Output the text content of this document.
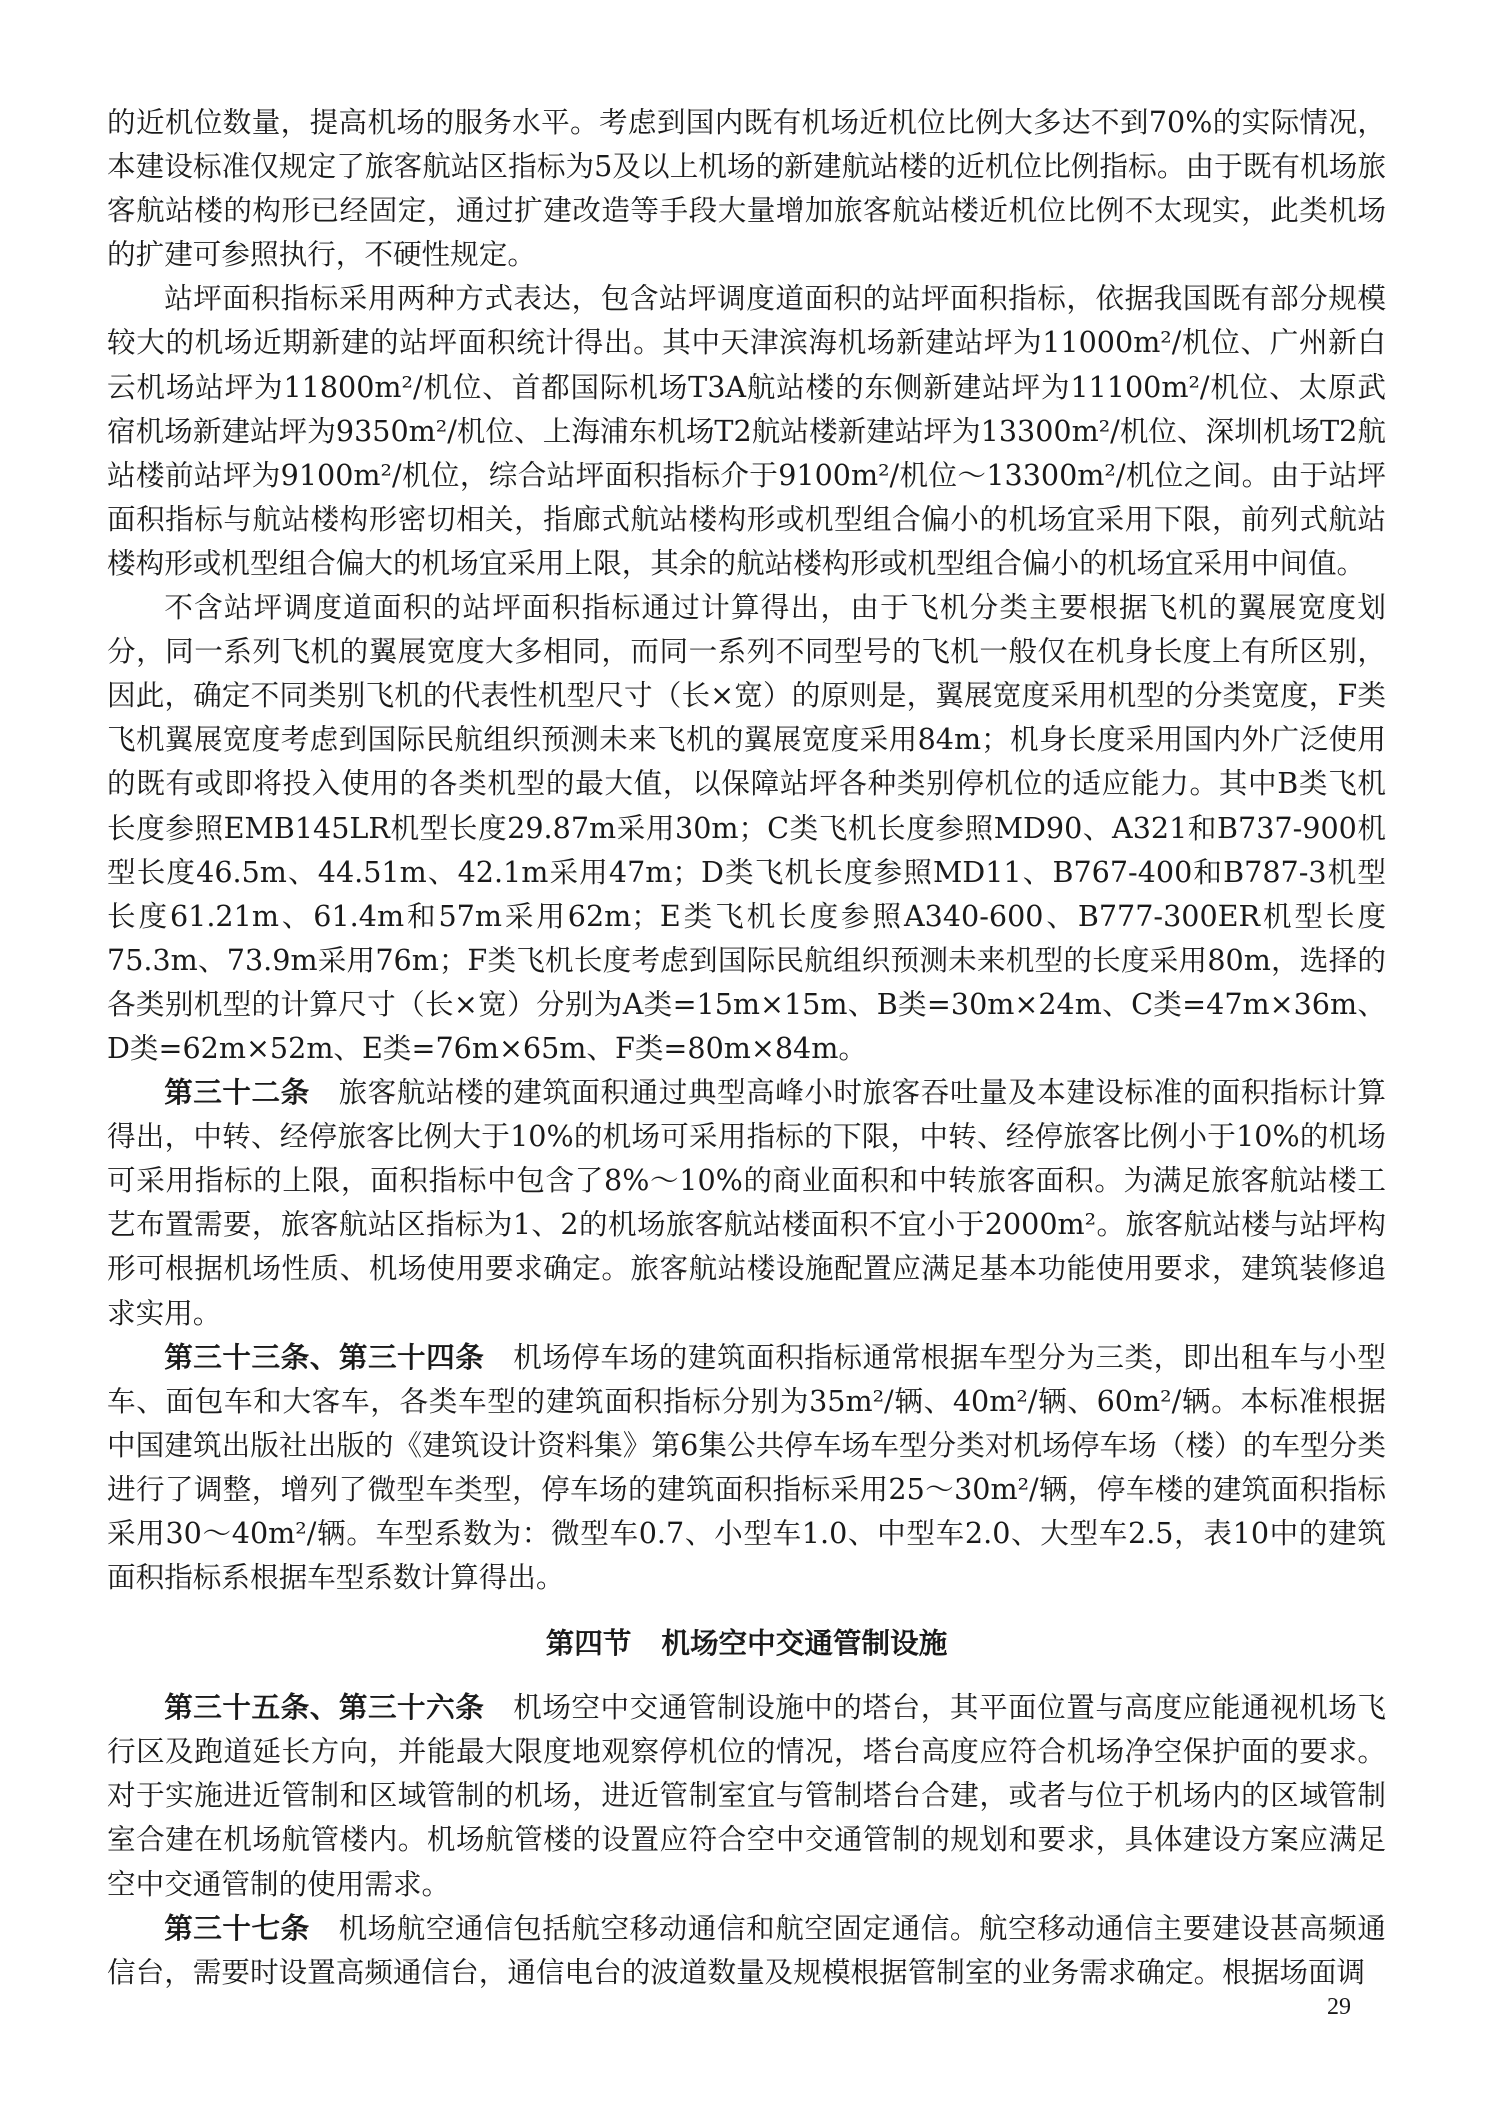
的近机位数量，提高机场的服务水平。考虑到国内既有机场近机位比例大多达不到70%的实际情况，本建设标准仅规定了旅客航站区指标为5及以上机场的新建航站楼的近机位比例指标。由于既有机场旅客航站楼的构形已经固定，通过扩建改造等手段大量增加旅客航站楼近机位比例不太现实，此类机场的扩建可参照执行，不硬性规定。

站坪面积指标采用两种方式表达，包含站坪调度道面积的站坪面积指标，依据我国既有部分规模较大的机场近期新建的站坪面积统计得出。其中天津滨海机场新建站坪为11000m²/机位、广州新白云机场站坪为11800m²/机位、首都国际机场T3A航站楼的东侧新建站坪为11100m²/机位、太原武宿机场新建站坪为9350m²/机位、上海浦东机场T2航站楼新建站坪为13300m²/机位、深圳机场T2航站楼前站坪为9100m²/机位，综合站坪面积指标介于9100m²/机位～13300m²/机位之间。由于站坪面积指标与航站楼构形密切相关，指廊式航站楼构形或机型组合偏小的机场宜采用下限，前列式航站楼构形或机型组合偏大的机场宜采用上限，其余的航站楼构形或机型组合偏小的机场宜采用中间值。

不含站坪调度道面积的站坪面积指标通过计算得出，由于飞机分类主要根据飞机的翼展宽度划分，同一系列飞机的翼展宽度大多相同，而同一系列不同型号的飞机一般仅在机身长度上有所区别，因此，确定不同类别飞机的代表性机型尺寸（长×宽）的原则是，翼展宽度采用机型的分类宽度，F类飞机翼展宽度考虑到国际民航组织预测未来飞机的翼展宽度采用84m；机身长度采用国内外广泛使用的既有或即将投入使用的各类机型的最大值，以保障站坪各种类别停机位的适应能力。其中B类飞机长度参照EMB145LR机型长度29.87m采用30m；C类飞机长度参照MD90、A321和B737-900机型长度46.5m、44.51m、42.1m采用47m；D类飞机长度参照MD11、B767-400和B787-3机型长度61.21m、61.4m和57m采用62m；E类飞机长度参照A340-600、B777-300ER机型长度75.3m、73.9m采用76m；F类飞机长度考虑到国际民航组织预测未来机型的长度采用80m，选择的各类别机型的计算尺寸（长×宽）分别为A类=15m×15m、B类=30m×24m、C类=47m×36m、D类=62m×52m、E类=76m×65m、F类=80m×84m。

第三十二条 旅客航站楼的建筑面积通过典型高峰小时旅客吞吐量及本建设标准的面积指标计算得出，中转、经停旅客比例大于10%的机场可采用指标的下限，中转、经停旅客比例小于10%的机场可采用指标的上限，面积指标中包含了8%～10%的商业面积和中转旅客面积。为满足旅客航站楼工艺布置需要，旅客航站区指标为1、2的机场旅客航站楼面积不宜小于2000m²。旅客航站楼与站坪构形可根据机场性质、机场使用要求确定。旅客航站楼设施配置应满足基本功能使用要求，建筑装修追求实用。

第三十三条、第三十四条 机场停车场的建筑面积指标通常根据车型分为三类，即出租车与小型车、面包车和大客车，各类车型的建筑面积指标分别为35m²/辆、40m²/辆、60m²/辆。本标准根据中国建筑出版社出版的《建筑设计资料集》第6集公共停车场车型分类对机场停车场（楼）的车型分类进行了调整，增列了微型车类型，停车场的建筑面积指标采用25～30m²/辆，停车楼的建筑面积指标采用30～40m²/辆。车型系数为：微型车0.7、小型车1.0、中型车2.0、大型车2.5，表10中的建筑面积指标系根据车型系数计算得出。

第四节   机场空中交通管制设施

第三十五条、第三十六条 机场空中交通管制设施中的塔台，其平面位置与高度应能通视机场飞行区及跑道延长方向，并能最大限度地观察停机位的情况，塔台高度应符合机场净空保护面的要求。对于实施进近管制和区域管制的机场，进近管制室宜与管制塔台合建，或者与位于机场内的区域管制室合建在机场航管楼内。机场航管楼的设置应符合空中交通管制的规划和要求，具体建设方案应满足空中交通管制的使用需求。

第三十七条 机场航空通信包括航空移动通信和航空固定通信。航空移动通信主要建设甚高频通信台，需要时设置高频通信台，通信电台的波道数量及规模根据管制室的业务需求确定。根据场面调

29
